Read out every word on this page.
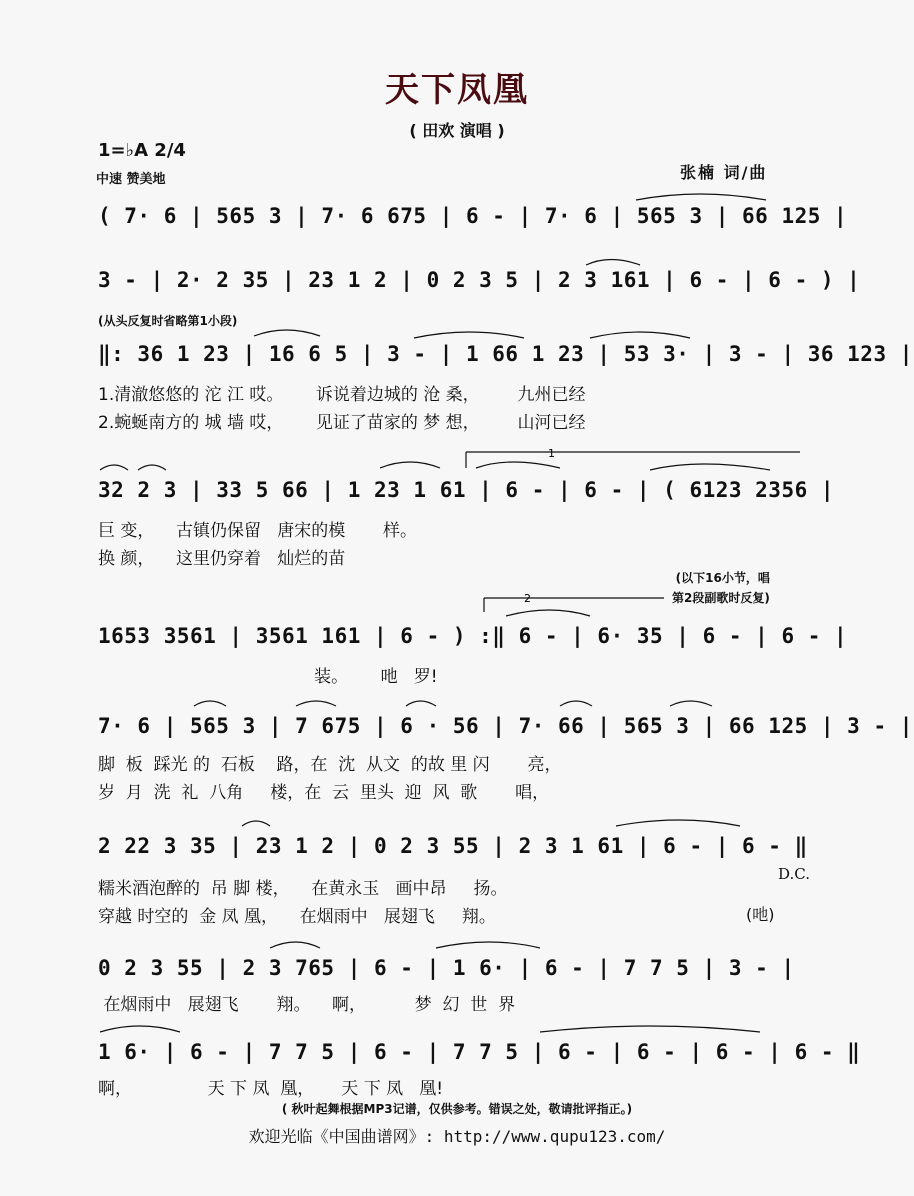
天下凤凰
( 田欢 演唱 )
1=♭A 2/4
中速 赞美地	张楠 词/曲
( 7· 6 | 565 3 | 7· 6 675 | 6 - | 7· 6 | 565 3 | 66 125 |
3 - | 2· 2 35 | 23 1 2 | 0 2 3 5 | 2 3 161 | 6 - | 6 - ) |
(从头反复时省略第1小段)
‖: 36 1 23 | 16 6 5 | 3 - | 1 66 1 23 | 53 3· | 3 - | 36 123 |
1.清澈悠悠的 沱 江 哎。      诉说着边城的 沧 桑，       九州已经
2.蜿蜒南方的 城 墙 哎，      见证了苗家的 梦 想，       山河已经
32 2 3 | 33 5 66 | 1 23 1 61 | 6 - | 6 - | ( 6123 2356 |
巨 变，    古镇仍保留   唐宋的模       样。
换 颜，    这里仍穿着   灿烂的苗
(以下16小节，唱
第2段副歌时反复)
1653 3561 | 3561 161 | 6 - ) :‖ 6 - | 6· 35 | 6 - | 6 - |
装。      吔   罗!
7· 6 | 565 3 | 7 675 | 6 · 56 | 7· 66 | 565 3 | 66 125 | 3 - |
脚  板  踩光 的  石板    路，在  沈  从文  的故 里 闪       亮，
岁  月  洗  礼  八角     楼，在  云  里头  迎  风  歌       唱，
2 22 3 35 | 23 1 2 | 0 2 3 55 | 2 3 1 61 | 6 - | 6 - ‖
糯米酒泡醉的  吊 脚 楼，    在黄永玉   画中昂     扬。
穿越 时空的  金 凤 凰，    在烟雨中   展翅飞     翔。
D.C.
(吔)
0 2 3 55 | 2 3 765 | 6 - | 1 6· | 6 - | 7 7 5 | 3 - |
在烟雨中   展翅飞       翔。    啊，         梦  幻  世  界
1 6· | 6 - | 7 7 5 | 6 - | 7 7 5 | 6 - | 6 - | 6 - | 6 - ‖
啊，              天 下 凤  凰，     天 下 凤   凰!
( 秋叶起舞根据MP3记谱，仅供参考。错误之处，敬请批评指正。)
欢迎光临《中国曲谱网》: http://www.qupu123.com/
1
2
